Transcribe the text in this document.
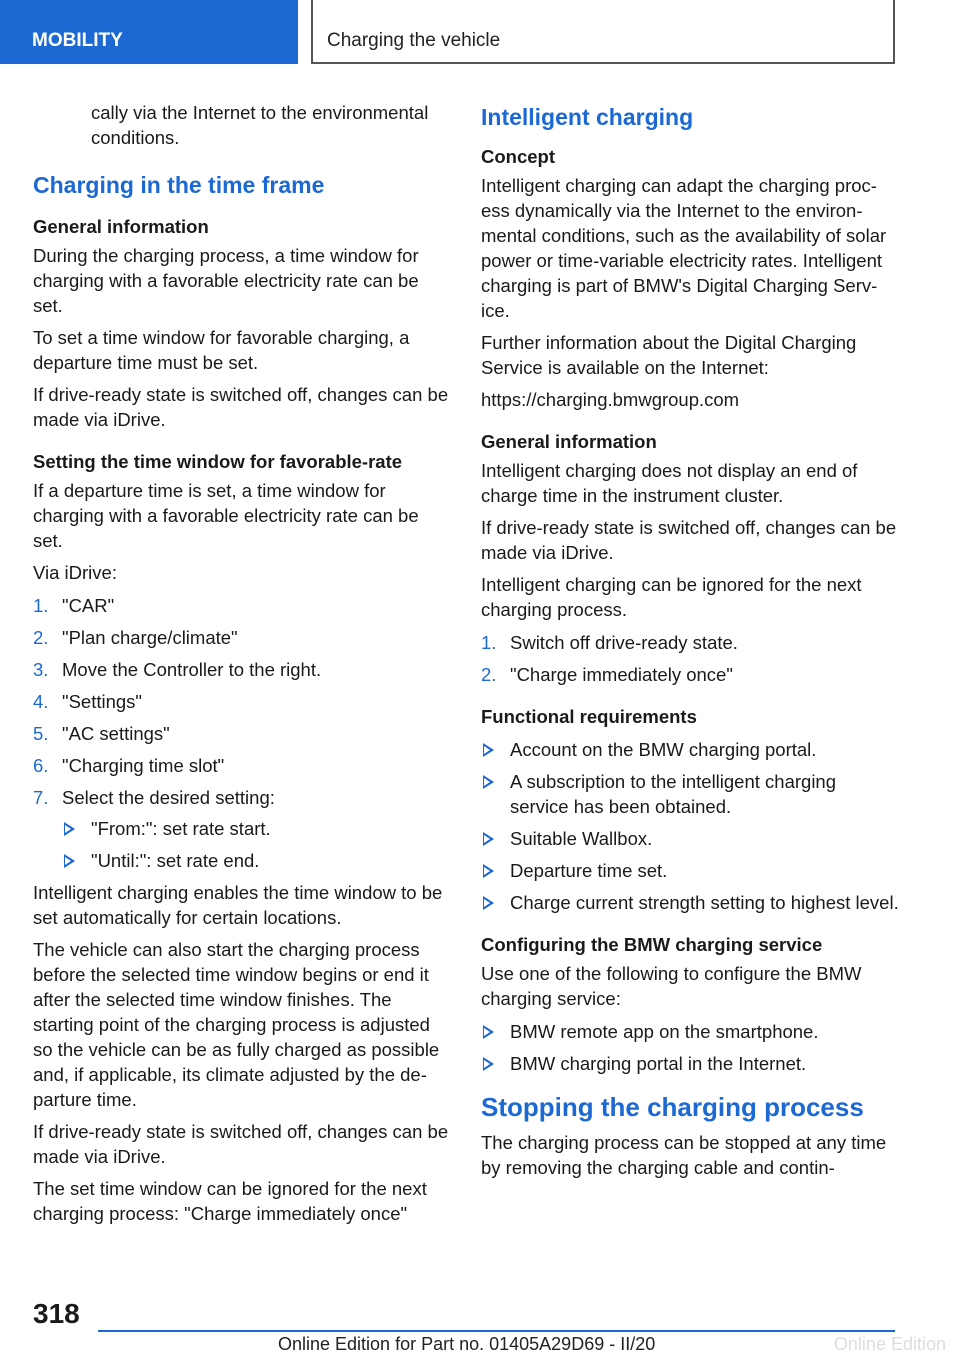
MOBILITY	Charging the vehicle

cally via the Internet to the environmental conditions.

Charging in the time frame
General information

During the charging process, a time window for charging with a favorable electricity rate can be set.

To set a time window for favorable charging, a departure time must be set.

If drive-ready state is switched off, changes can be made via iDrive.

Setting the time window for favorable-rate

If a departure time is set, a time window for charging with a favorable electricity rate can be set.

Via iDrive:

1. "CAR"
2. "Plan charge/climate"
3. Move the Controller to the right.
4. "Settings"
5. "AC settings"
6. "Charging time slot"
7. Select the desired setting:
"From:": set rate start.
"Until:": set rate end.

Intelligent charging enables the time window to be set automatically for certain locations.

The vehicle can also start the charging process before the selected time window begins or end it after the selected time window finishes. The starting point of the charging process is adjusted so the vehicle can be as fully charged as possible and, if applicable, its climate adjusted by the de- parture time.

If drive-ready state is switched off, changes can be made via iDrive.

The set time window can be ignored for the next charging process: "Charge immediately once"

Intelligent charging
Concept

Intelligent charging can adapt the charging proc- ess dynamically via the Internet to the environ- mental conditions, such as the availability of solar power or time-variable electricity rates. Intelligent charging is part of BMW's Digital Charging Serv- ice.

Further information about the Digital Charging Service is available on the Internet:

https://charging.bmwgroup.com

General information

Intelligent charging does not display an end of charge time in the instrument cluster.

If drive-ready state is switched off, changes can be made via iDrive.

Intelligent charging can be ignored for the next charging process.

1. Switch off drive-ready state.
2. "Charge immediately once"
Functional requirements
Account on the BMW charging portal.
A subscription to the intelligent charging service has been obtained.
Suitable Wallbox.
Departure time set.
Charge current strength setting to highest level.
Configuring the BMW charging service

Use one of the following to configure the BMW charging service:

BMW remote app on the smartphone.
BMW charging portal in the Internet.
Stopping the charging process

The charging process can be stopped at any time by removing the charging cable and contin-

318
Online Edition for Part no. 01405A29D69 - II/20	Online Edition
